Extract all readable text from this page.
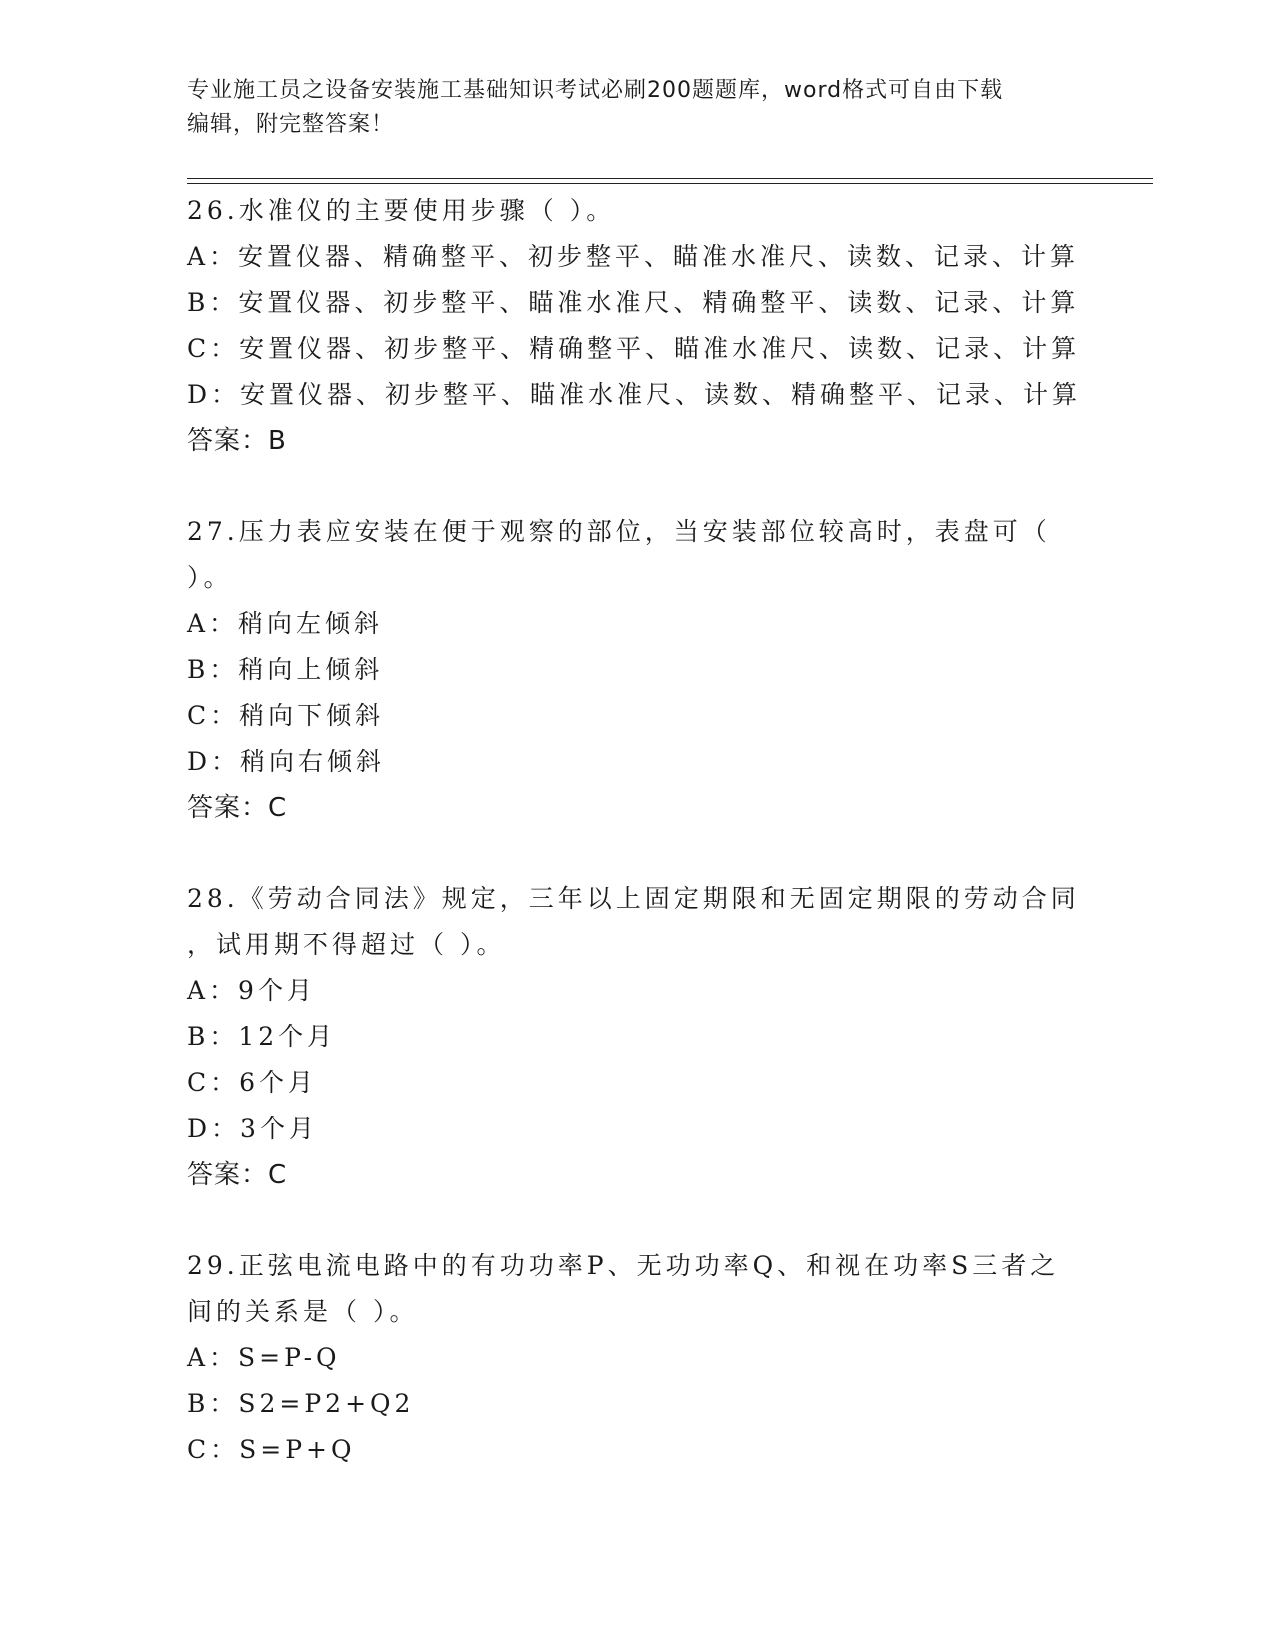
专业施工员之设备安装施工基础知识考试必刷200题题库，word格式可自由下载
编辑，附完整答案！
26.水准仪的主要使用步骤（ ）。
A：安置仪器、精确整平、初步整平、瞄准水准尺、读数、记录、计算
B：安置仪器、初步整平、瞄准水准尺、精确整平、读数、记录、计算
C：安置仪器、初步整平、精确整平、瞄准水准尺、读数、记录、计算
D：安置仪器、初步整平、瞄准水准尺、读数、精确整平、记录、计算
答案：B
27.压力表应安装在便于观察的部位，当安装部位较高时，表盘可（
）。
A：稍向左倾斜
B：稍向上倾斜
C：稍向下倾斜
D：稍向右倾斜
答案：C
28.《劳动合同法》规定，三年以上固定期限和无固定期限的劳动合同
，试用期不得超过（ ）。
A：9个月
B：12个月
C：6个月
D：3个月
答案：C
29.正弦电流电路中的有功功率P、无功功率Q、和视在功率S三者之
间的关系是（ ）。
A：S=P-Q
B：S2=P2+Q2
C：S=P+Q
